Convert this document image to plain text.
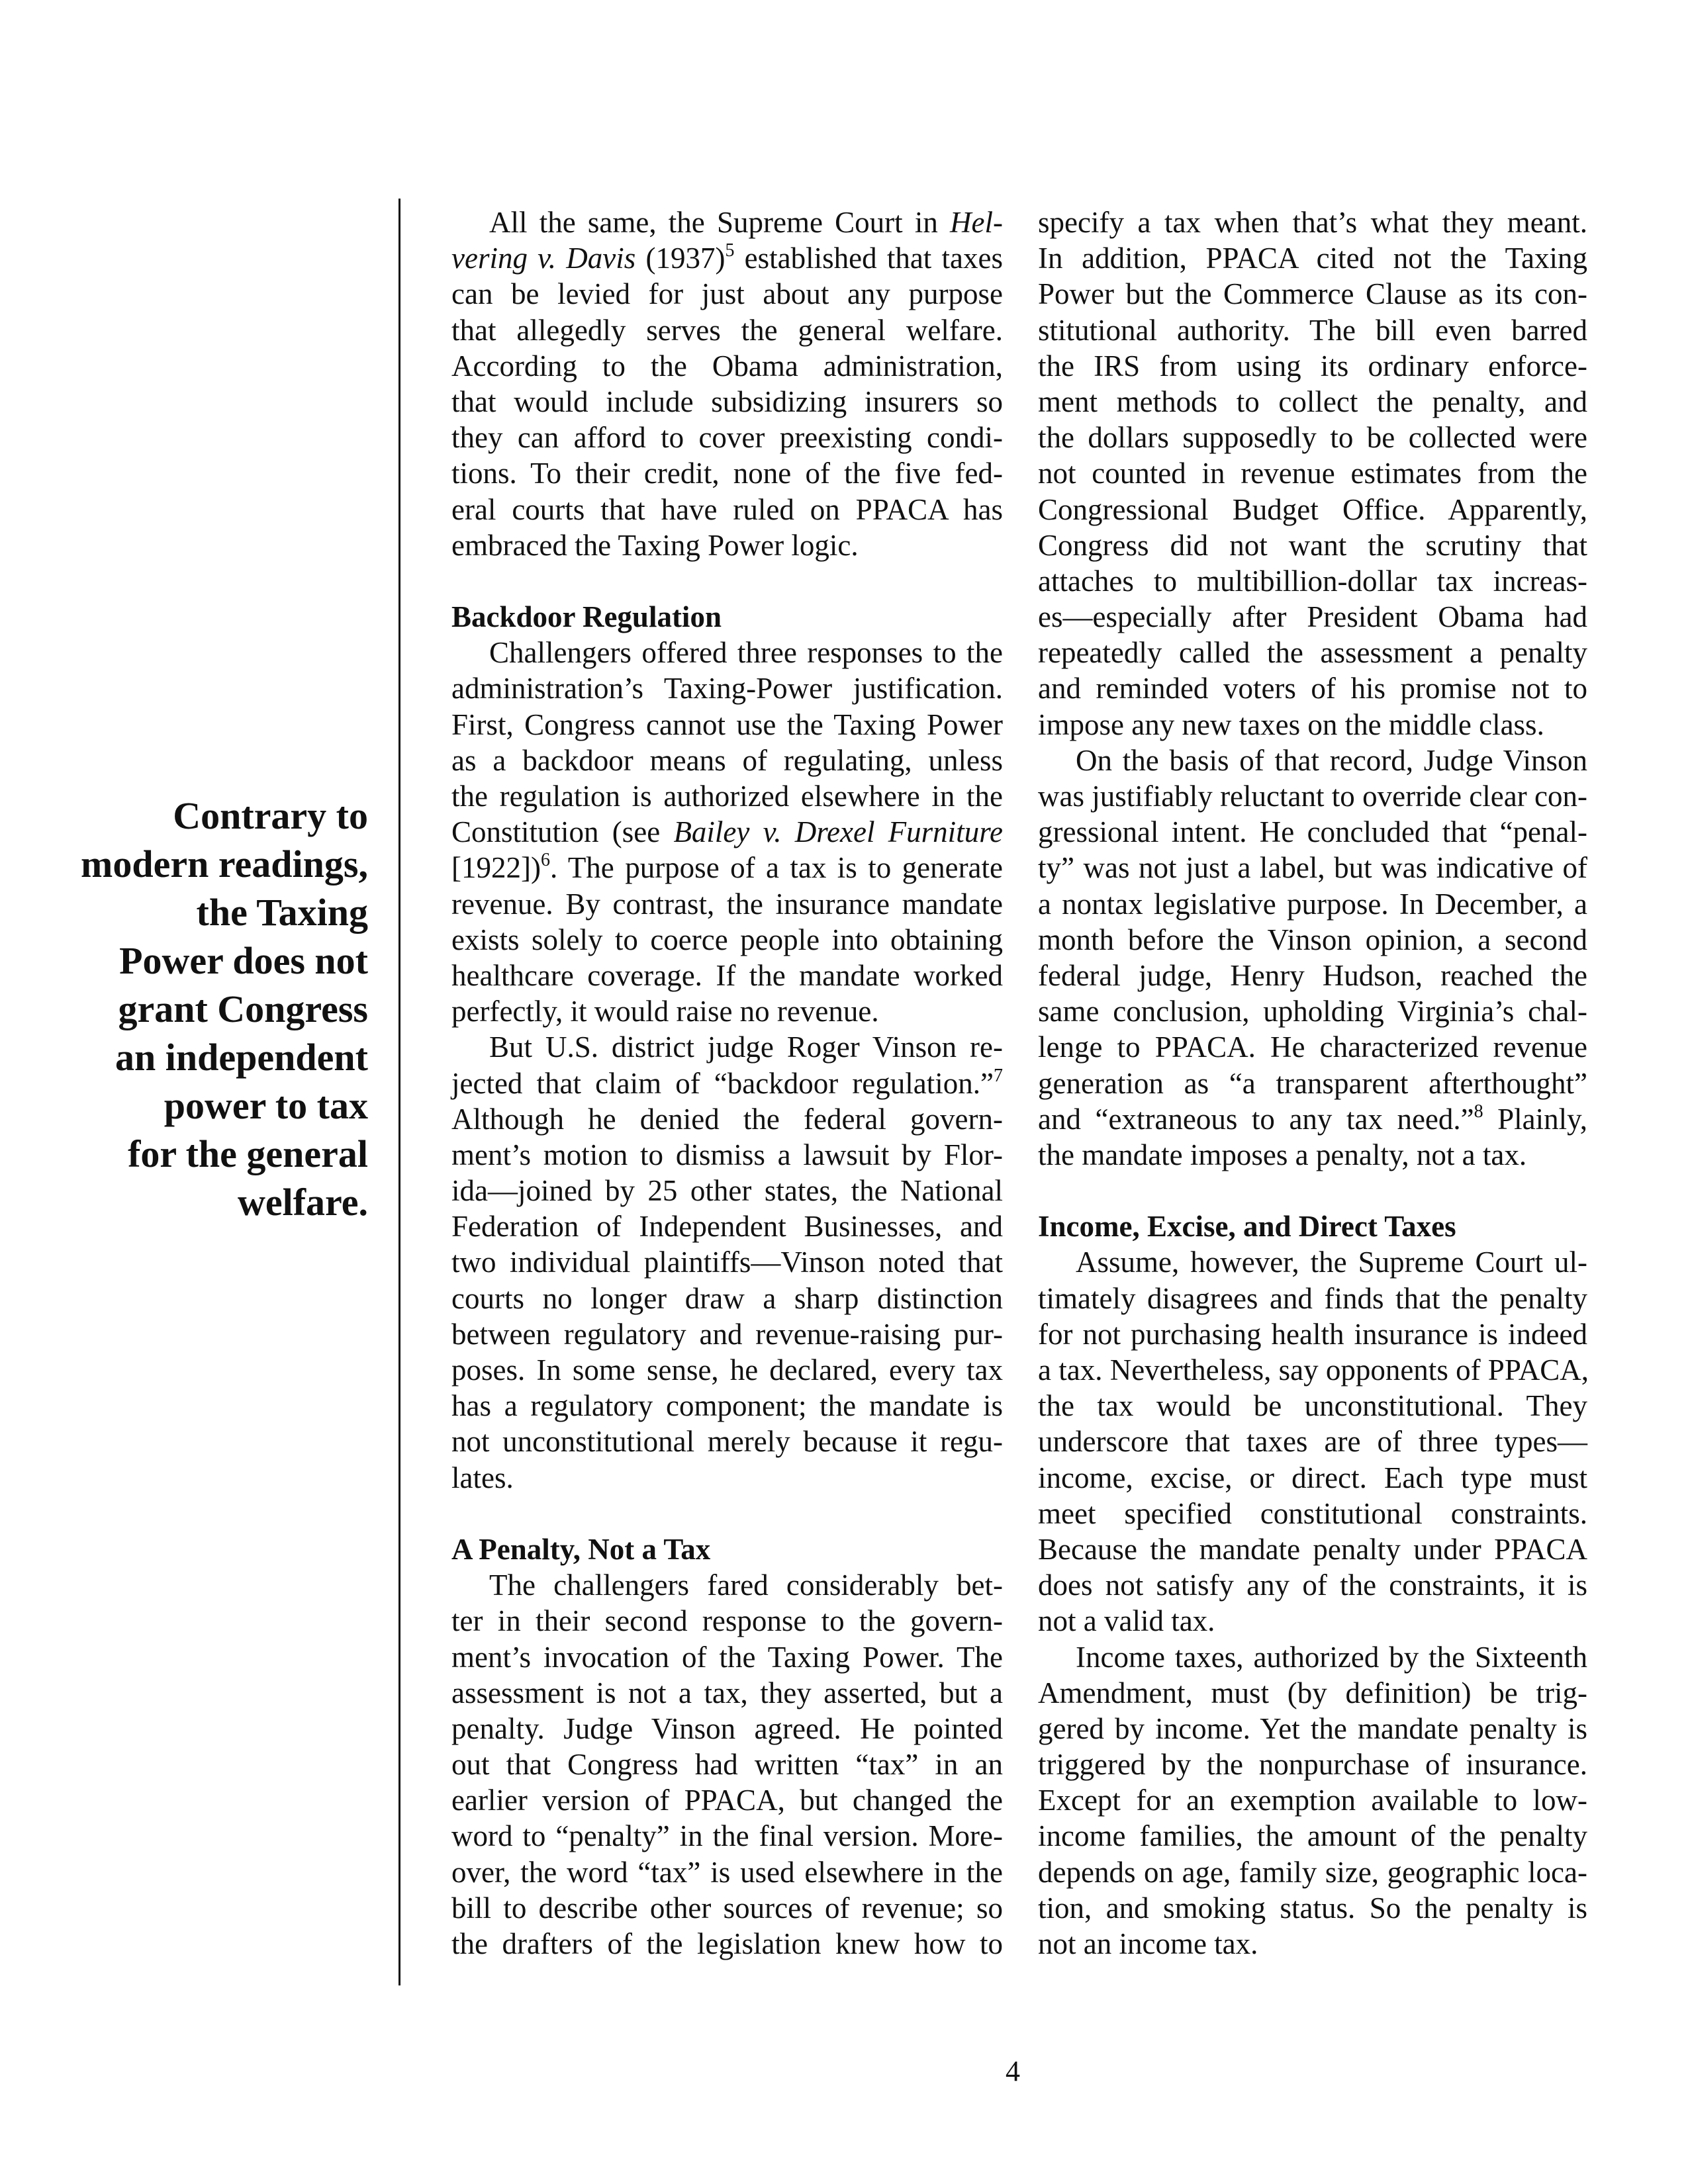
Contrary to
modern readings,
the Taxing
Power does not
grant Congress
an independent
power to tax
for the general
welfare.
All the same, the Supreme Court in Hel-
vering v. Davis $(1937)^5$ established that taxes
can be levied for just about any purpose
that allegedly serves the general welfare.
According to the Obama administration,
that would include subsidizing insurers so
they can afford to cover preexisting condi-
tions. To their credit, none of the five fed-
eral courts that have ruled on PPACA has
embraced the Taxing Power logic.
Backdoor Regulation
Challengers offered three responses to the
administration’s Taxing-Power justification.
First, Congress cannot use the Taxing Power
as a backdoor means of regulating, unless
the regulation is authorized elsewhere in the
Constitution (see Bailey v. Drexel Furniture
[1922])$^6$. The purpose of a tax is to generate
revenue. By contrast, the insurance mandate
exists solely to coerce people into obtaining
healthcare coverage. If the mandate worked
perfectly, it would raise no revenue.
But U.S. district judge Roger Vinson re-
jected that claim of “backdoor regulation.”$^7$
Although he denied the federal govern-
ment’s motion to dismiss a lawsuit by Flor-
ida—joined by 25 other states, the National
Federation of Independent Businesses, and
two individual plaintiffs—Vinson noted that
courts no longer draw a sharp distinction
between regulatory and revenue-raising pur-
poses. In some sense, he declared, every tax
has a regulatory component; the mandate is
not unconstitutional merely because it regu-
lates.
A Penalty, Not a Tax
The challengers fared considerably bet-
ter in their second response to the govern-
ment’s invocation of the Taxing Power. The
assessment is not a tax, they asserted, but a
penalty. Judge Vinson agreed. He pointed
out that Congress had written “tax” in an
earlier version of PPACA, but changed the
word to “penalty” in the final version. More-
over, the word “tax” is used elsewhere in the
bill to describe other sources of revenue; so
the drafters of the legislation knew how to
specify a tax when that’s what they meant.
In addition, PPACA cited not the Taxing
Power but the Commerce Clause as its con-
stitutional authority. The bill even barred
the IRS from using its ordinary enforce-
ment methods to collect the penalty, and
the dollars supposedly to be collected were
not counted in revenue estimates from the
Congressional Budget Office. Apparently,
Congress did not want the scrutiny that
attaches to multibillion-dollar tax increas-
es—especially after President Obama had
repeatedly called the assessment a penalty
and reminded voters of his promise not to
impose any new taxes on the middle class.
On the basis of that record, Judge Vinson
was justifiably reluctant to override clear con-
gressional intent. He concluded that “penal-
ty” was not just a label, but was indicative of
a nontax legislative purpose. In December, a
month before the Vinson opinion, a second
federal judge, Henry Hudson, reached the
same conclusion, upholding Virginia’s chal-
lenge to PPACA. He characterized revenue
generation as “a transparent afterthought”
and “extraneous to any tax need.”$^8$ Plainly,
the mandate imposes a penalty, not a tax.
Income, Excise, and Direct Taxes
Assume, however, the Supreme Court ul-
timately disagrees and finds that the penalty
for not purchasing health insurance is indeed
a tax. Nevertheless, say opponents of PPACA,
the tax would be unconstitutional. They
underscore that taxes are of three types—
income, excise, or direct. Each type must
meet specified constitutional constraints.
Because the mandate penalty under PPACA
does not satisfy any of the constraints, it is
not a valid tax.
Income taxes, authorized by the Sixteenth
Amendment, must (by definition) be trig-
gered by income. Yet the mandate penalty is
triggered by the nonpurchase of insurance.
Except for an exemption available to low-
income families, the amount of the penalty
depends on age, family size, geographic loca-
tion, and smoking status. So the penalty is
not an income tax.
4
